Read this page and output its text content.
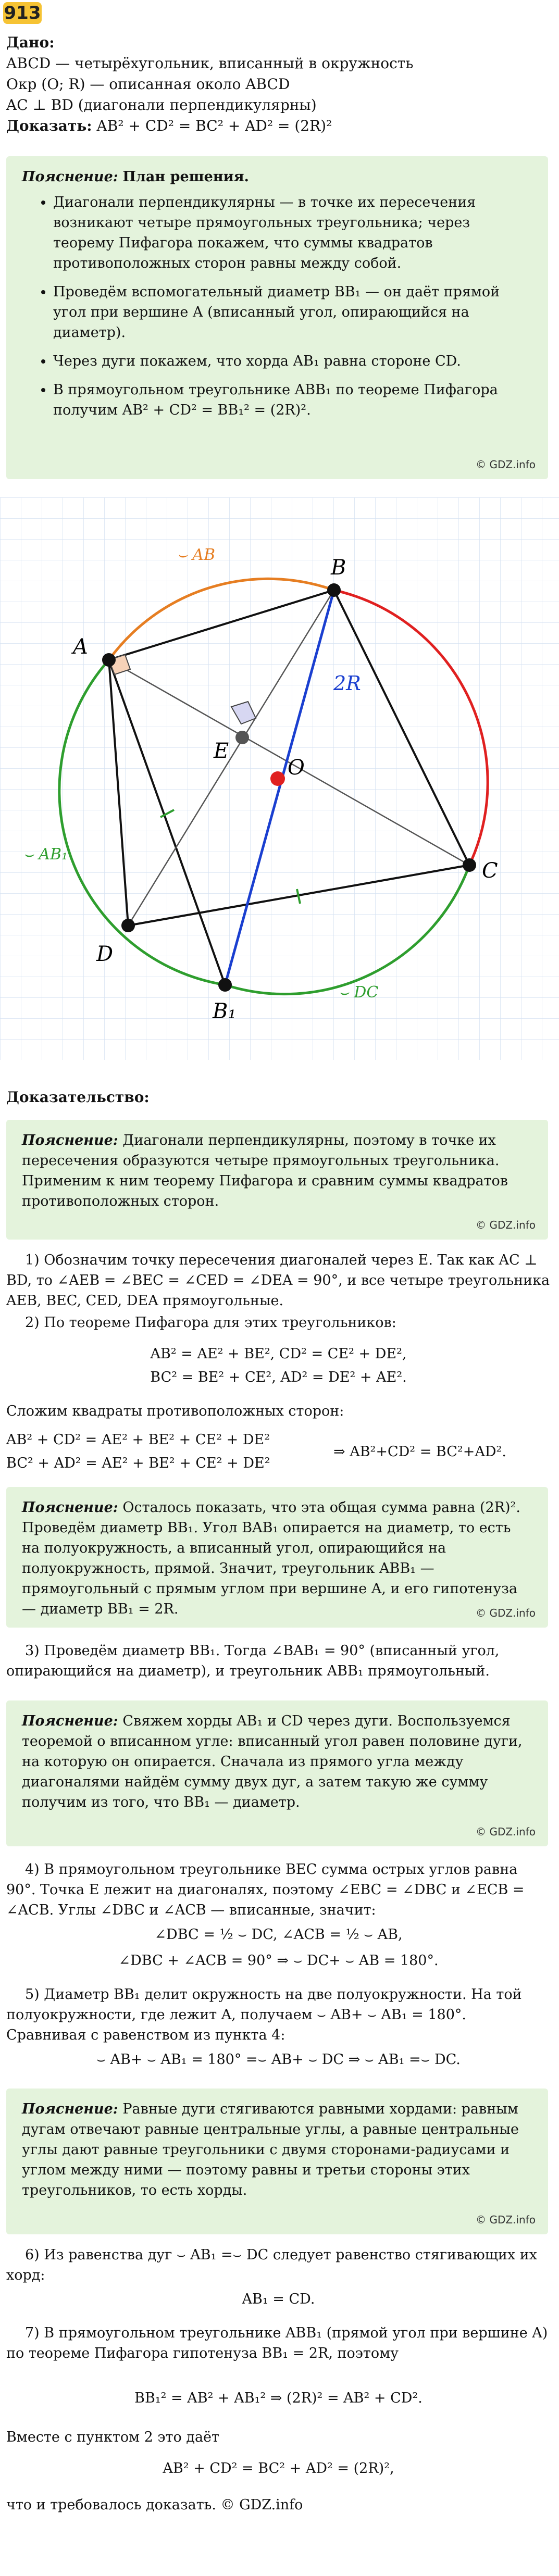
913
Дано:
ABCD — четырёхугольник, вписанный в окружность
Окр (O; R) — описанная около ABCD
AC ⊥ BD (диагонали перпендикулярны)
Доказать: AB² + CD² = BC² + AD² = (2R)²
Пояснение: План решения.
• Диагонали перпендикулярны — в точке их пересечения возникают четыре прямоугольных треугольника; через теорему Пифагора покажем, что суммы квадратов противоположных сторон равны между собой.
• Проведём вспомогательный диаметр BB₁ — он даёт прямой угол при вершине A (вписанный угол, опирающийся на диаметр).
• Через дуги покажем, что хорда AB₁ равна стороне CD.
• В прямоугольном треугольнике ABB₁ по теореме Пифагора получим AB² + CD² = BB₁² = (2R)².
© GDZ.info
A
B
C
D
B₁
E
O
2R
⌣ AB
⌣ AB₁
⌣ DC
Доказательство:
Пояснение: Диагонали перпендикулярны, поэтому в точке их пересечения образуются четыре прямоугольных треугольника. Применим к ним теорему Пифагора и сравним суммы квадратов противоположных сторон.
© GDZ.info
1) Обозначим точку пересечения диагоналей через E. Так как AC ⊥ BD, то ∠AEB = ∠BEC = ∠CED = ∠DEA = 90°, и все четыре треугольника AEB, BEC, CED, DEA прямоугольные.
2) По теореме Пифагора для этих треугольников:
AB² = AE² + BE², CD² = CE² + DE²,
BC² = BE² + CE², AD² = DE² + AE².
Сложим квадраты противоположных сторон:
AB² + CD² = AE² + BE² + CE² + DE²
BC² + AD² = AE² + BE² + CE² + DE²
⇒ AB²+CD² = BC²+AD².
Пояснение: Осталось показать, что эта общая сумма равна (2R)². Проведём диаметр BB₁. Угол BAB₁ опирается на диаметр, то есть на полуокружность, а вписанный угол, опирающийся на полуокружность, прямой. Значит, треугольник ABB₁ — прямоугольный с прямым углом при вершине A, и его гипотенуза — диаметр BB₁ = 2R.	© GDZ.info
3) Проведём диаметр BB₁. Тогда ∠BAB₁ = 90° (вписанный угол, опирающийся на диаметр), и треугольник ABB₁ прямоугольный.
Пояснение: Свяжем хорды AB₁ и CD через дуги. Воспользуемся теоремой о вписанном угле: вписанный угол равен половине дуги, на которую он опирается. Сначала из прямого угла между диагоналями найдём сумму двух дуг, а затем такую же сумму получим из того, что BB₁ — диаметр.
© GDZ.info
4) В прямоугольном треугольнике BEC сумма острых углов равна 90°. Точка E лежит на диагоналях, поэтому ∠EBC = ∠DBC и ∠ECB = ∠ACB. Углы ∠DBC и ∠ACB — вписанные, значит:
∠DBC = ½ ⌣ DC, ∠ACB = ½ ⌣ AB,
∠DBC + ∠ACB = 90° ⇒ ⌣ DC+ ⌣ AB = 180°.
5) Диаметр BB₁ делит окружность на две полуокружности. На той полуокружности, где лежит A, получаем ⌣ AB+ ⌣ AB₁ = 180°. Сравнивая с равенством из пункта 4:
⌣ AB+ ⌣ AB₁ = 180° =⌣ AB+ ⌣ DC ⇒ ⌣ AB₁ =⌣ DC.
Пояснение: Равные дуги стягиваются равными хордами: равным дугам отвечают равные центральные углы, а равные центральные углы дают равные треугольники с двумя сторонами-радиусами и углом между ними — поэтому равны и третьи стороны этих треугольников, то есть хорды.
© GDZ.info
6) Из равенства дуг ⌣ AB₁ =⌣ DC следует равенство стягивающих их хорд:
AB₁ = CD.
7) В прямоугольном треугольнике ABB₁ (прямой угол при вершине A) по теореме Пифагора гипотенуза BB₁ = 2R, поэтому
BB₁² = AB² + AB₁² ⇒ (2R)² = AB² + CD².
Вместе с пунктом 2 это даёт
AB² + CD² = BC² + AD² = (2R)²,
что и требовалось доказать. © GDZ.info
